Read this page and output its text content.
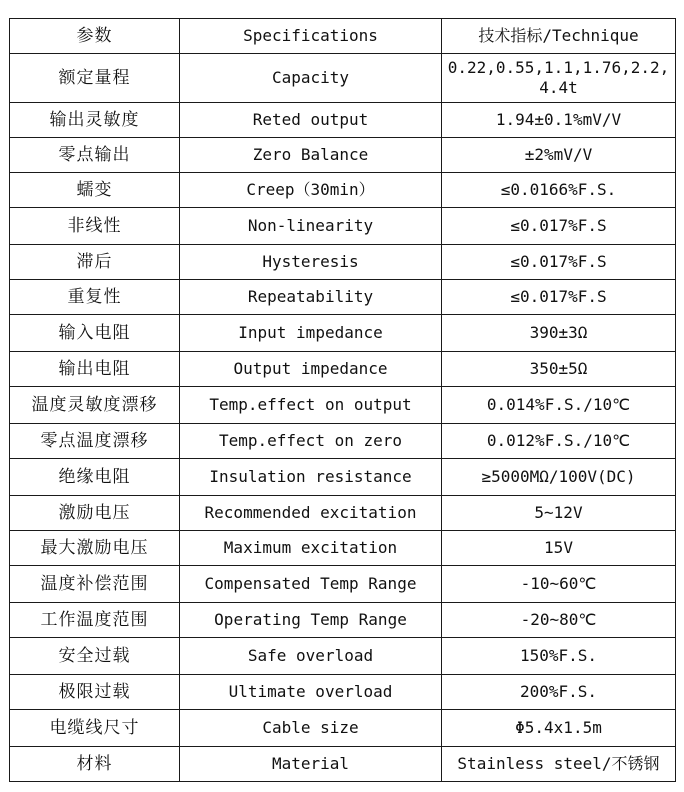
参数	Specifications	技术指标/Technique
额定量程	Capacity	0.22,0.55,1.1,1.76,2.2,4.4t
输出灵敏度	Reted output	1.94±0.1%mV/V
零点输出	Zero Balance	±2%mV/V
蠕变	Creep（30min）	≤0.0166%F.S.
非线性	Non-linearity	≤0.017%F.S
滞后	Hysteresis	≤0.017%F.S
重复性	Repeatability	≤0.017%F.S
输入电阻	Input impedance	390±3Ω
输出电阻	Output impedance	350±5Ω
温度灵敏度漂移	Temp.effect on output	0.014%F.S./10℃
零点温度漂移	Temp.effect on zero	0.012%F.S./10℃
绝缘电阻	Insulation resistance	≥5000MΩ/100V(DC)
激励电压	Recommended excitation	5~12V
最大激励电压	Maximum excitation	15V
温度补偿范围	Compensated Temp Range	-10~60℃
工作温度范围	Operating Temp Range	-20~80℃
安全过载	Safe overload	150%F.S.
极限过载	Ultimate overload	200%F.S.
电缆线尺寸	Cable size	Φ5.4x1.5m
材料	Material	Stainless steel/不锈钢
